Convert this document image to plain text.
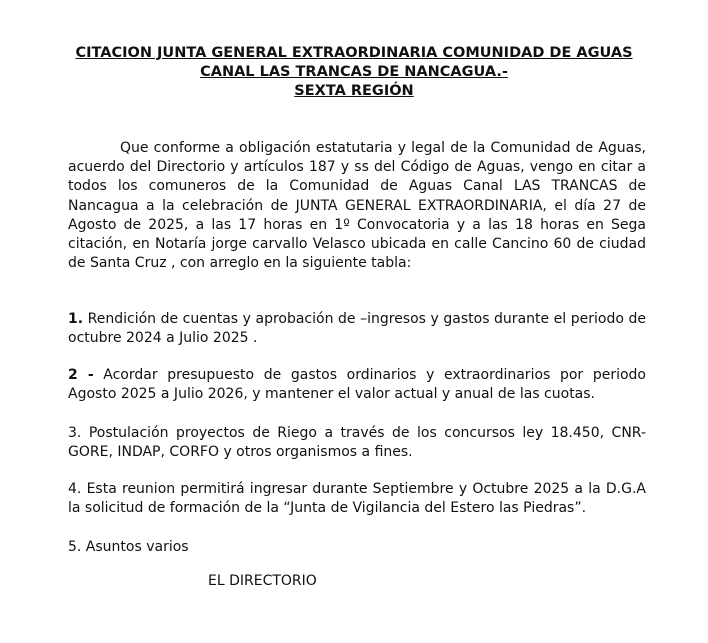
CITACION JUNTA GENERAL EXTRAORDINARIA COMUNIDAD DE AGUAS
CANAL LAS TRANCAS DE NANCAGUA.-
SEXTA REGIÓN
Que conforme a obligación estatutaria y legal de la Comunidad de Aguas, acuerdo del Directorio y artículos 187 y ss del Código de Aguas, vengo en citar a todos los comuneros de la Comunidad de Aguas Canal LAS TRANCAS de Nancagua a la celebración de JUNTA GENERAL EXTRAORDINARIA, el día 27 de Agosto de 2025, a las 17 horas en 1º Convocatoria y a las 18 horas en Sega citación, en Notaría jorge carvallo Velasco ubicada en calle Cancino 60 de ciudad de Santa Cruz , con arreglo en la siguiente tabla:
1. Rendición de cuentas y aprobación de –ingresos y gastos durante el periodo de octubre 2024 a Julio 2025 .
2 - Acordar presupuesto de gastos ordinarios y extraordinarios por periodo Agosto 2025 a Julio 2026, y mantener el valor actual y anual de las cuotas.
3. Postulación proyectos de Riego a través de los concursos ley 18.450, CNR-GORE, INDAP, CORFO y otros organismos a fines.
4. Esta reunion permitirá ingresar durante Septiembre y Octubre 2025 a la D.G.A la solicitud de formación de la “Junta de Vigilancia del Estero las Piedras”.
5. Asuntos varios
EL DIRECTORIO
